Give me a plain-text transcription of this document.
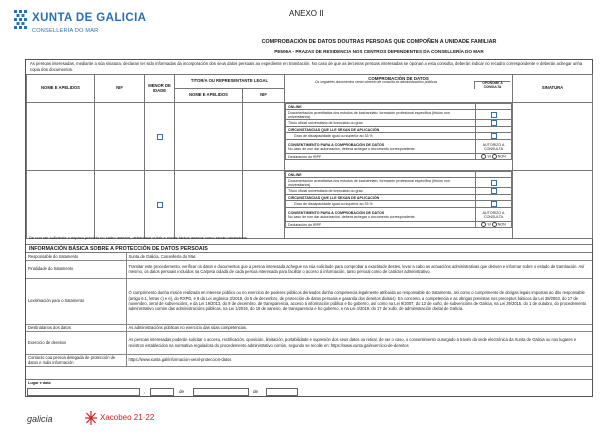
XUNTA DE GALICIA
CONSELLERÍA DO MAR
ANEXO II
COMPROBACIÓN DE DATOS DOUTRAS PERSOAS QUE COMPOÑEN A UNIDADE FAMILIAR
PE506A - PRAZAS DE RESIDENCIA NOS CENTROS DEPENDENTES DA CONSELLERÍA DO MAR
As persoas interesadas, mediante a súa sinatura, declaran ter sido informadas da incorporación dos seus datos persoais ao expediente en tramitación. No caso de que as terceiras persoas interesadas se oponan a esta consulta, deberán indicar no recadro correspondente e deberán achegar unha copia dos documentos.
NOME E APELIDOS	NIF	MENOR DE IDADE	TITOR/A OU REPRESENTANTE LEGAL	COMPROBACIÓN DE DATOS
Os seguintes documentos serán obxecto de consulta ás administracións públicas	OPOÑOME Á CONSULTA	SINATURA
NOME E APELIDOS	NIF

ONLINE	
Documentación acreditativa dos estudos de bacharelato, formación profesional específica (títulos non universitarios)	
Título oficial universitario de licenciado ou grao	
CIRCUNSTANCIAS QUE LLE SEXAN DE APLICACIÓN	
Grao de discapacidade igual ou superior ao 33 %	

CONSENTIMENTO PARA A COMPROBACIÓN DE DATOS
No caso de non dar autorización, deberá achegar o documento correspondente.
	AUTORIZO A CONSULTA
Declaración do IRPF	SI NON

ONLINE	
Documentación acreditativa dos estudos de bacharelato, formación profesional específica (títulos non universitarios)	
Título oficial universitario de licenciado ou grao	
CIRCUNSTANCIAS QUE LLE SEXAN DE APLICACIÓN	
Grao de discapacidade igual ou superior ao 33 %	

CONSENTIMENTO PARA A COMPROBACIÓN DE DATOS
No caso de non dar autorización, deberá achegar o documento correspondente.
	AUTORIZO A CONSULTA
Declaración do IRPF	SI NON

De non ser suficiente o espazo previsto no cadro anterior, deberanse cubrir e enviar tantos anexos como sexan necesarios.
INFORMACIÓN BÁSICA SOBRE A PROTECCIÓN DE DATOS PERSOAIS
Responsable do tratamento	Xunta de Galicia. Consellería do Mar.
Finalidade do tratamento	Tramitar este procedemento, verificar os datos e documentos que a persoa interesada achegue na súa solicitude para comprobar a exactitude destes, levar a cabo as actuacións administrativas que deriven e informar sobre o estado de tramitación. Así mesmo, os datos persoais incluídos na Carpeta cidadá de cada persoa interesada para facilitar o acceso á información, tanto persoal como de carácter administrativo.
Lexitimación para o tratamento	O cumprimento dunha misión realizada en interese público ou no exercicio de poderes públicos derivados dunha competencia legalmente atribuída ao responsable do tratamento, así como o cumprimento de obrigas legais impostas ao dito responsable (artigo 6.1, letras c) e e), do RXPD, e 8 da Lei orgánica 3/2018, do 5 de decembro, de protección de datos persoais e garantía dos dereitos dixitais). En concreto, a competencia e as obrigas previstas nos preceptos básicos da Lei 38/2003, do 17 de novembro, xeral de subvencións, e da Lei 19/2013, do 9 de decembro, de transparencia, acceso á información pública e bo goberno, así como na Lei 9/2007, do 13 de xuño, de subvencións de Galicia, na Lei 39/2015, do 1 de outubro, do procedemento administrativo común das administracións públicas, na Lei 1/2016, do 18 de xaneiro, de transparencia e bo goberno, e na Lei 4/2019, do 17 de xullo, de administración dixital de Galicia.
Destinatarios dos datos	As administracións públicas no exercicio das súas competencias.
Exercicio de dereitos	As persoas interesadas poderán solicitar o acceso, rectificación, oposición, limitación, portabilidade e supresión dos seus datos ou retirar, de ser o caso, o consentimento outorgado a través da sede electrónica da Xunta de Galicia ou nos lugares e rexistros establecidos na normativa reguladora do procedemento administrativo común, segundo se recolle en: https://www.xunta.gal/exercicio-de-dereitos
Contacto coa persoa delegada de protección de datos e máis información	https://www.xunta.gal/informacion-xeral-proteccion-datos
Lugar e data
,	de	de
galicia	Xacobeo 21·22
